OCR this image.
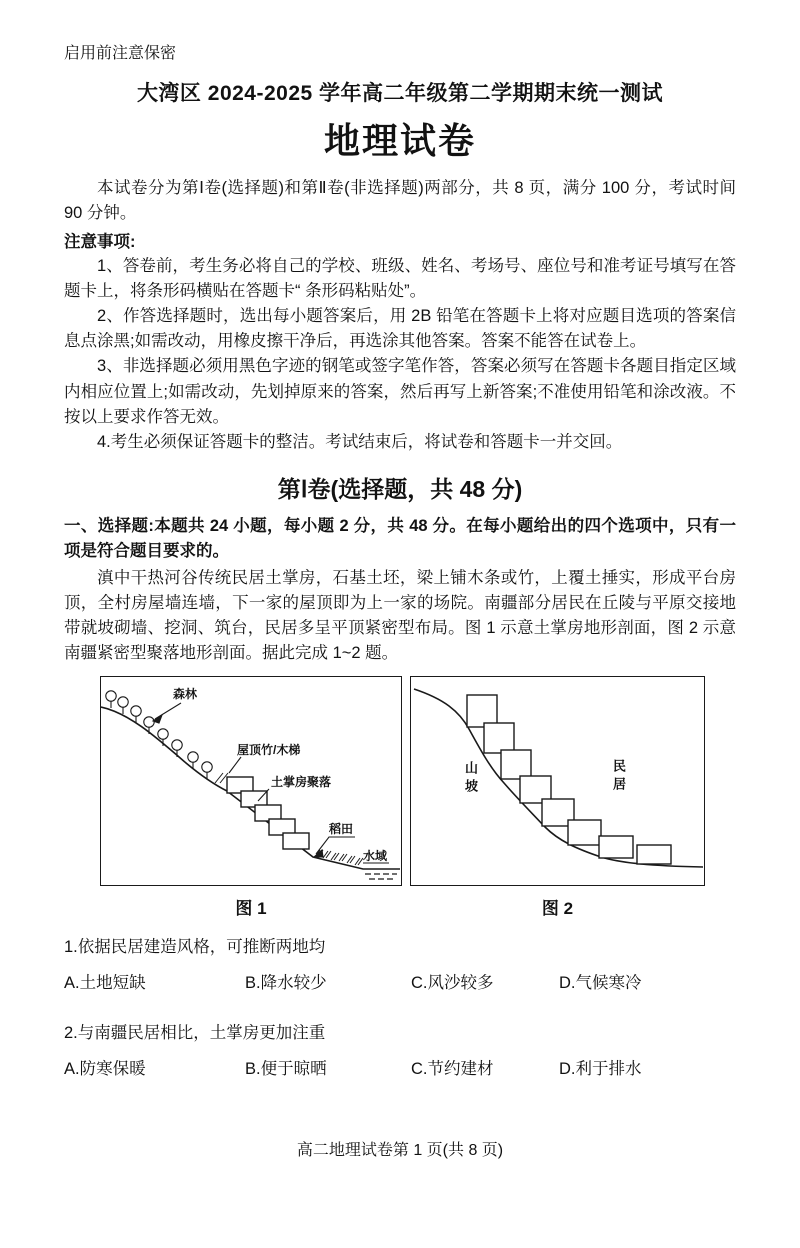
启用前注意保密
大湾区 2024-2025 学年高二年级第二学期期末统一测试
地理试卷

本试卷分为第Ⅰ卷(选择题)和第Ⅱ卷(非选择题)两部分，共 8 页，满分 100 分，考试时间 90 分钟。

注意事项:

1、答卷前，考生务必将自己的学校、班级、姓名、考场号、座位号和准考证号填写在答题卡上，将条形码横贴在答题卡“ 条形码粘贴处”。

2、作答选择题时，选出每小题答案后，用 2B 铅笔在答题卡上将对应题目选项的答案信息点涂黑;如需改动，用橡皮擦干净后，再选涂其他答案。答案不能答在试卷上。

3、非选择题必须用黑色字迹的钢笔或签字笔作答，答案必须写在答题卡各题目指定区域内相应位置上;如需改动，先划掉原来的答案，然后再写上新答案;不准使用铅笔和涂改液。不按以上要求作答无效。

4.考生必须保证答题卡的整洁。考试结束后，将试卷和答题卡一并交回。

第Ⅰ卷(选择题，共 48 分)

一、选择题:本题共 24 小题，每小题 2 分，共 48 分。在每小题给出的四个选项中，只有一项是符合题目要求的。

滇中干热河谷传统民居土掌房，石基土坯，梁上铺木条或竹，上覆土捶实，形成平台房顶，全村房屋墙连墙，下一家的屋顶即为上一家的场院。南疆部分居民在丘陵与平原交接地带就坡砌墙、挖洞、筑台，民居多呈平顶紧密型布局。图 1 示意土掌房地形剖面，图 2 示意南疆紧密型聚落地形剖面。据此完成 1~2 题。

森林
屋顶竹/木梯
土掌房聚落
稻田
水域
图 1
山坡	民居
图 2

1.依据民居建造风格，可推断两地均

A.土地短缺	B.降水较少	C.风沙较多	D.气候寒冷

2.与南疆民居相比，土掌房更加注重

A.防寒保暖	B.便于晾晒	C.节约建材	D.利于排水
高二地理试卷第 1 页(共 8 页)
